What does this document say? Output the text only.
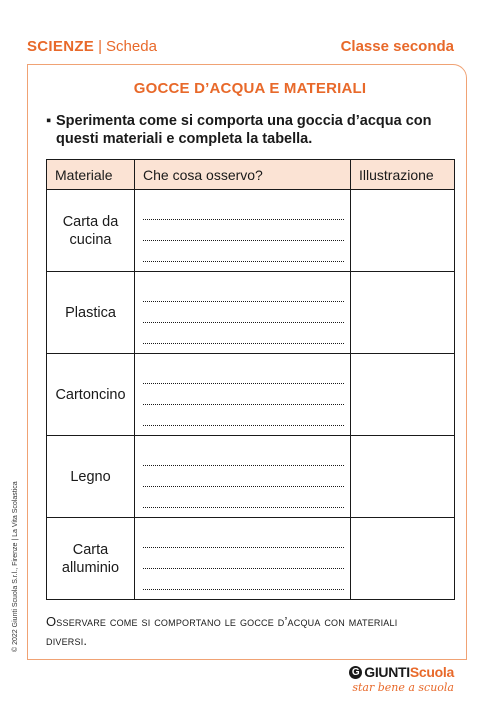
SCIENZE | Scheda	Classe seconda
GOCCE D’ACQUA E MATERIALI
▪ Sperimenta come si comporta una goccia d’acqua con
questi materiali e completa la tabella.
Materiale	Che cosa osservo?	Illustrazione

Carta da
cucina		

Plastica		

Cartoncino		

Legno		

Carta
alluminio		

Osservare come si comportano le gocce d’acqua con materiali
diversi.
© 2022 Giunti Scuola S.r.l., Firenze | La Vita Scolastica
G GIUNTI Scuola
star bene a scuola
